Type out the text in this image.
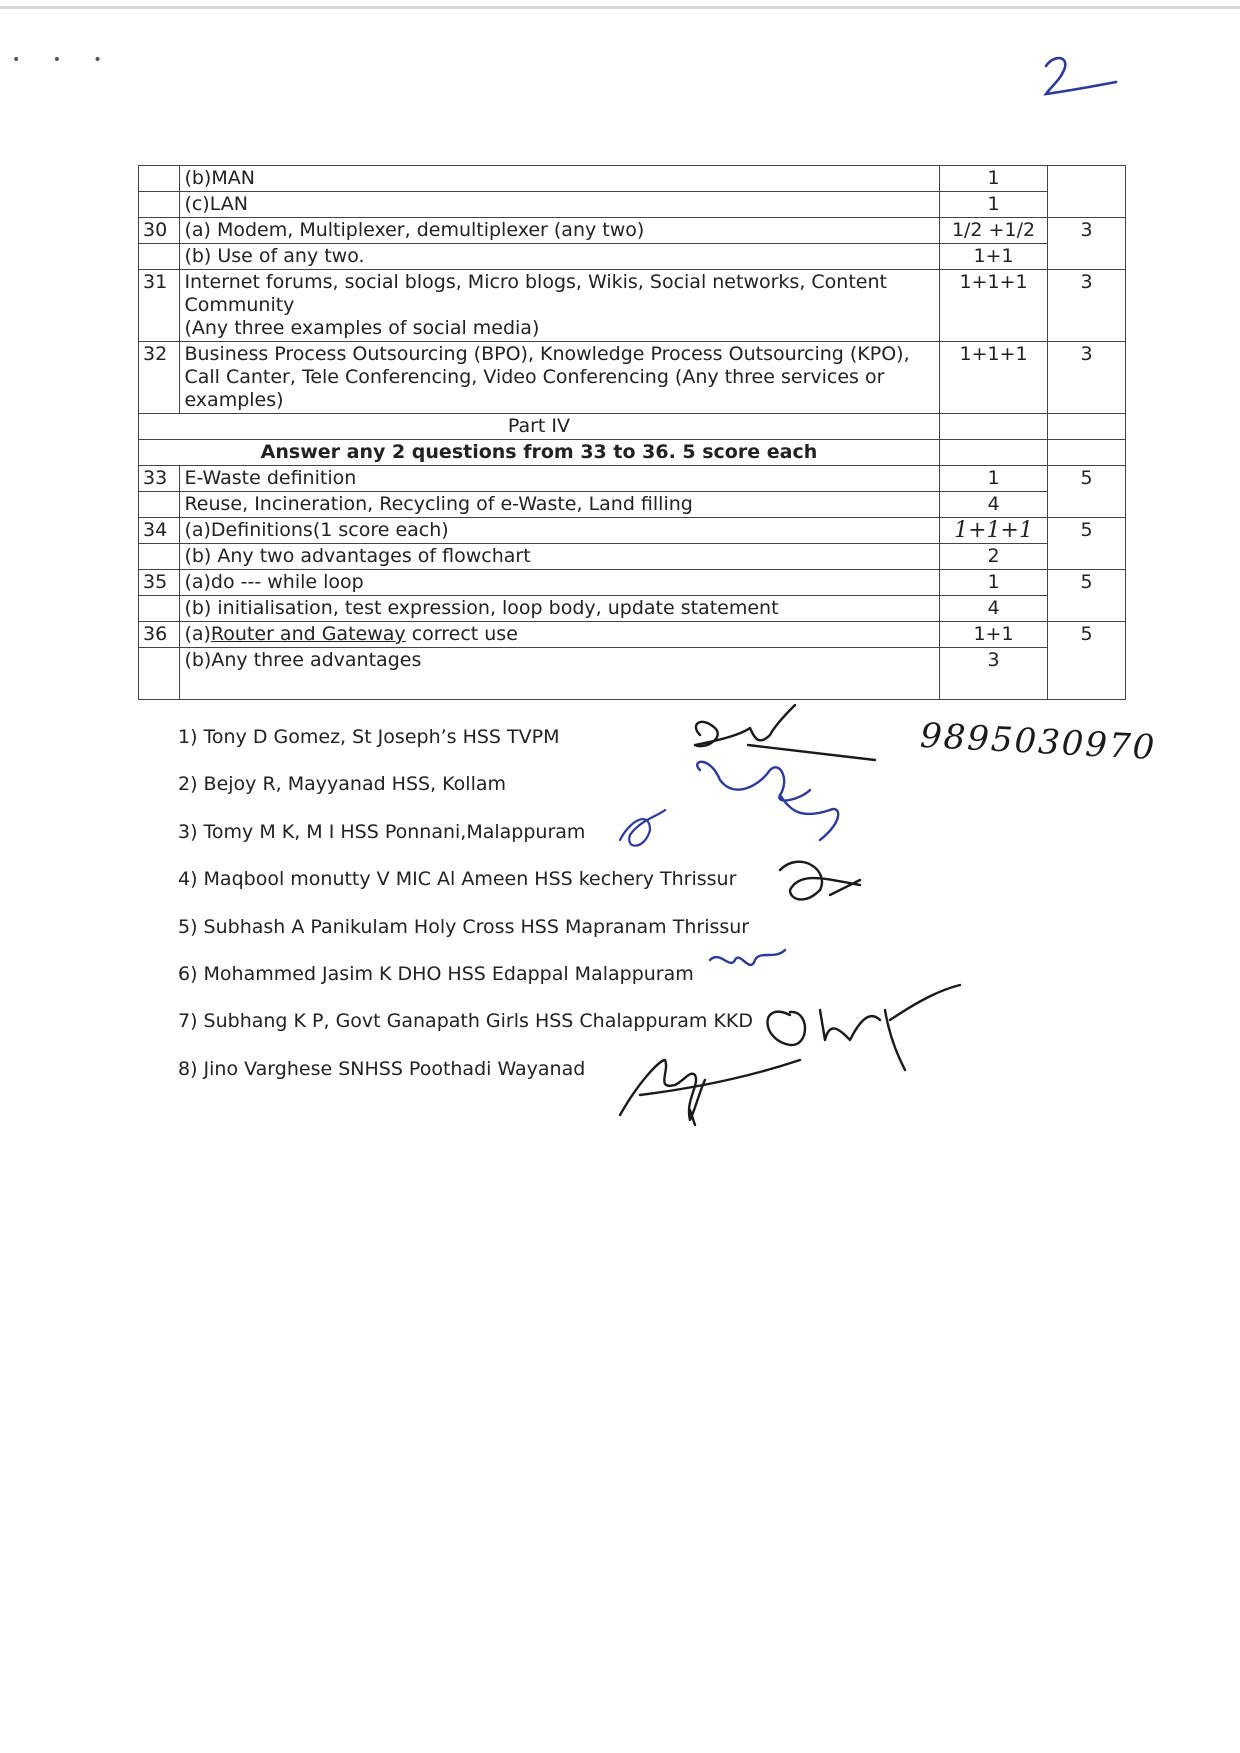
• • •
	(b)MAN	1	
	(c)LAN	1	
30	(a) Modem, Multiplexer, demultiplexer (any two)	1/2 +1/2	3
	(b) Use of any two.	1+1	
31	Internet forums, social blogs, Micro blogs, Wikis, Social networks, Content Community
(Any three examples of social media)	1+1+1	3
32	Business Process Outsourcing (BPO), Knowledge Process Outsourcing (KPO), Call Canter, Tele Conferencing, Video Conferencing (Any three services or examples)	1+1+1	3
Part IV			
Answer any 2 questions from 33 to 36. 5 score each			
33	E-Waste definition	1	5
	Reuse, Incineration, Recycling of e-Waste, Land filling	4	
34	(a)Definitions(1 score each)	1+1+1	5
	(b) Any two advantages of flowchart	2	
35	(a)do --- while loop	1	5
	(b) initialisation, test expression, loop body, update statement	4	
36	(a)Router and Gateway correct use	1+1	5
	(b)Any three advantages	3	
1) Tony D Gomez, St Joseph’s HSS TVPM
2) Bejoy R, Mayyanad HSS, Kollam
3) Tomy M K, M I HSS Ponnani,Malappuram
4) Maqbool monutty V MIC Al Ameen HSS kechery Thrissur
5) Subhash A Panikulam Holy Cross HSS Mapranam Thrissur
6) Mohammed Jasim K DHO HSS Edappal Malappuram
7) Subhang K P, Govt Ganapath Girls HSS Chalappuram KKD
8) Jino Varghese SNHSS Poothadi Wayanad
9895030970
